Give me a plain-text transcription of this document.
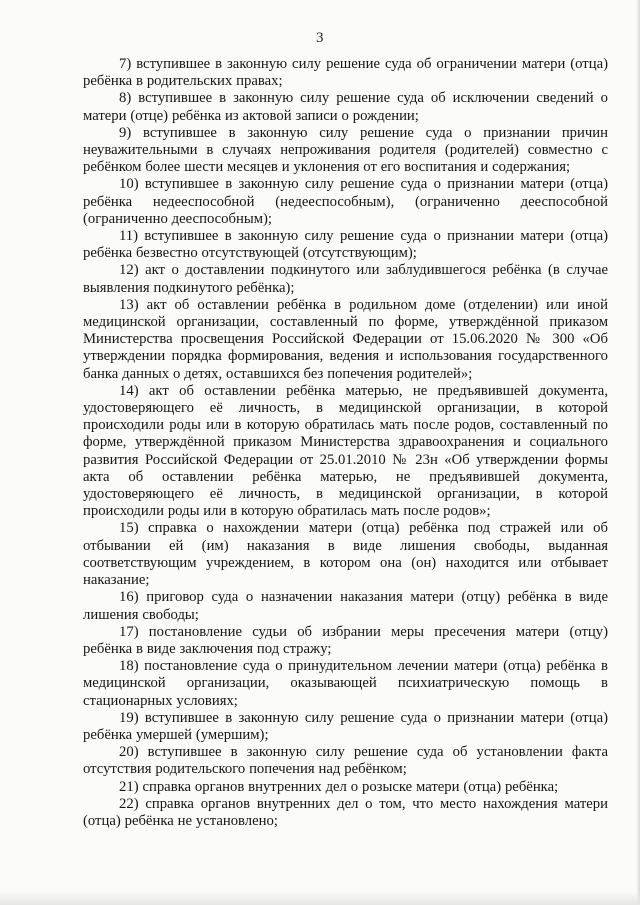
3

7) вступившее в законную силу решение суда об ограничении матери (отца) ребёнка в родительских правах;

8) вступившее в законную силу решение суда об исключении сведений о матери (отце) ребёнка из актовой записи о рождении;

9) вступившее в законную силу решение суда о признании причин неуважительными в случаях непроживания родителя (родителей) совместно с ребёнком более шести месяцев и уклонения от его воспитания и содержания;

10) вступившее в законную силу решение суда о признании матери (отца) ребёнка недееспособной (недееспособным), (ограниченно дееспособной (ограниченно дееспособным);

11) вступившее в законную силу решение суда о признании матери (отца) ребёнка безвестно отсутствующей (отсутствующим);

12) акт о доставлении подкинутого или заблудившегося ребёнка (в случае выявления подкинутого ребёнка);

13) акт об оставлении ребёнка в родильном доме (отделении) или иной медицинской организации, составленный по форме, утверждённой приказом Министерства просвещения Российской Федерации от 15.06.2020 № 300 «Об утверждении порядка формирования, ведения и использования государственного банка данных о детях, оставшихся без попечения родителей»;

14) акт об оставлении ребёнка матерью, не предъявившей документа, удостоверяющего её личность, в медицинской организации, в которой происходили роды или в которую обратилась мать после родов, составленный по форме, утверждённой приказом Министерства здравоохранения и социального развития Российской Федерации от 25.01.2010 № 23н «Об утверждении формы акта об оставлении ребёнка матерью, не предъявившей документа, удостоверяющего её личность, в медицинской организации, в которой происходили роды или в которую обратилась мать после родов»;

15) справка о нахождении матери (отца) ребёнка под стражей или об отбывании ей (им) наказания в виде лишения свободы, выданная соответствующим учреждением, в котором она (он) находится или отбывает наказание;

16) приговор суда о назначении наказания матери (отцу) ребёнка в виде лишения свободы;

17) постановление судьи об избрании меры пресечения матери (отцу) ребёнка в виде заключения под стражу;

18) постановление суда о принудительном лечении матери (отца) ребёнка в медицинской организации, оказывающей психиатрическую помощь в стационарных условиях;

19) вступившее в законную силу решение суда о признании матери (отца) ребёнка умершей (умершим);

20) вступившее в законную силу решение суда об установлении факта отсутствия родительского попечения над ребёнком;

21) справка органов внутренних дел о розыске матери (отца) ребёнка;

22) справка органов внутренних дел о том, что место нахождения матери (отца) ребёнка не установлено;
